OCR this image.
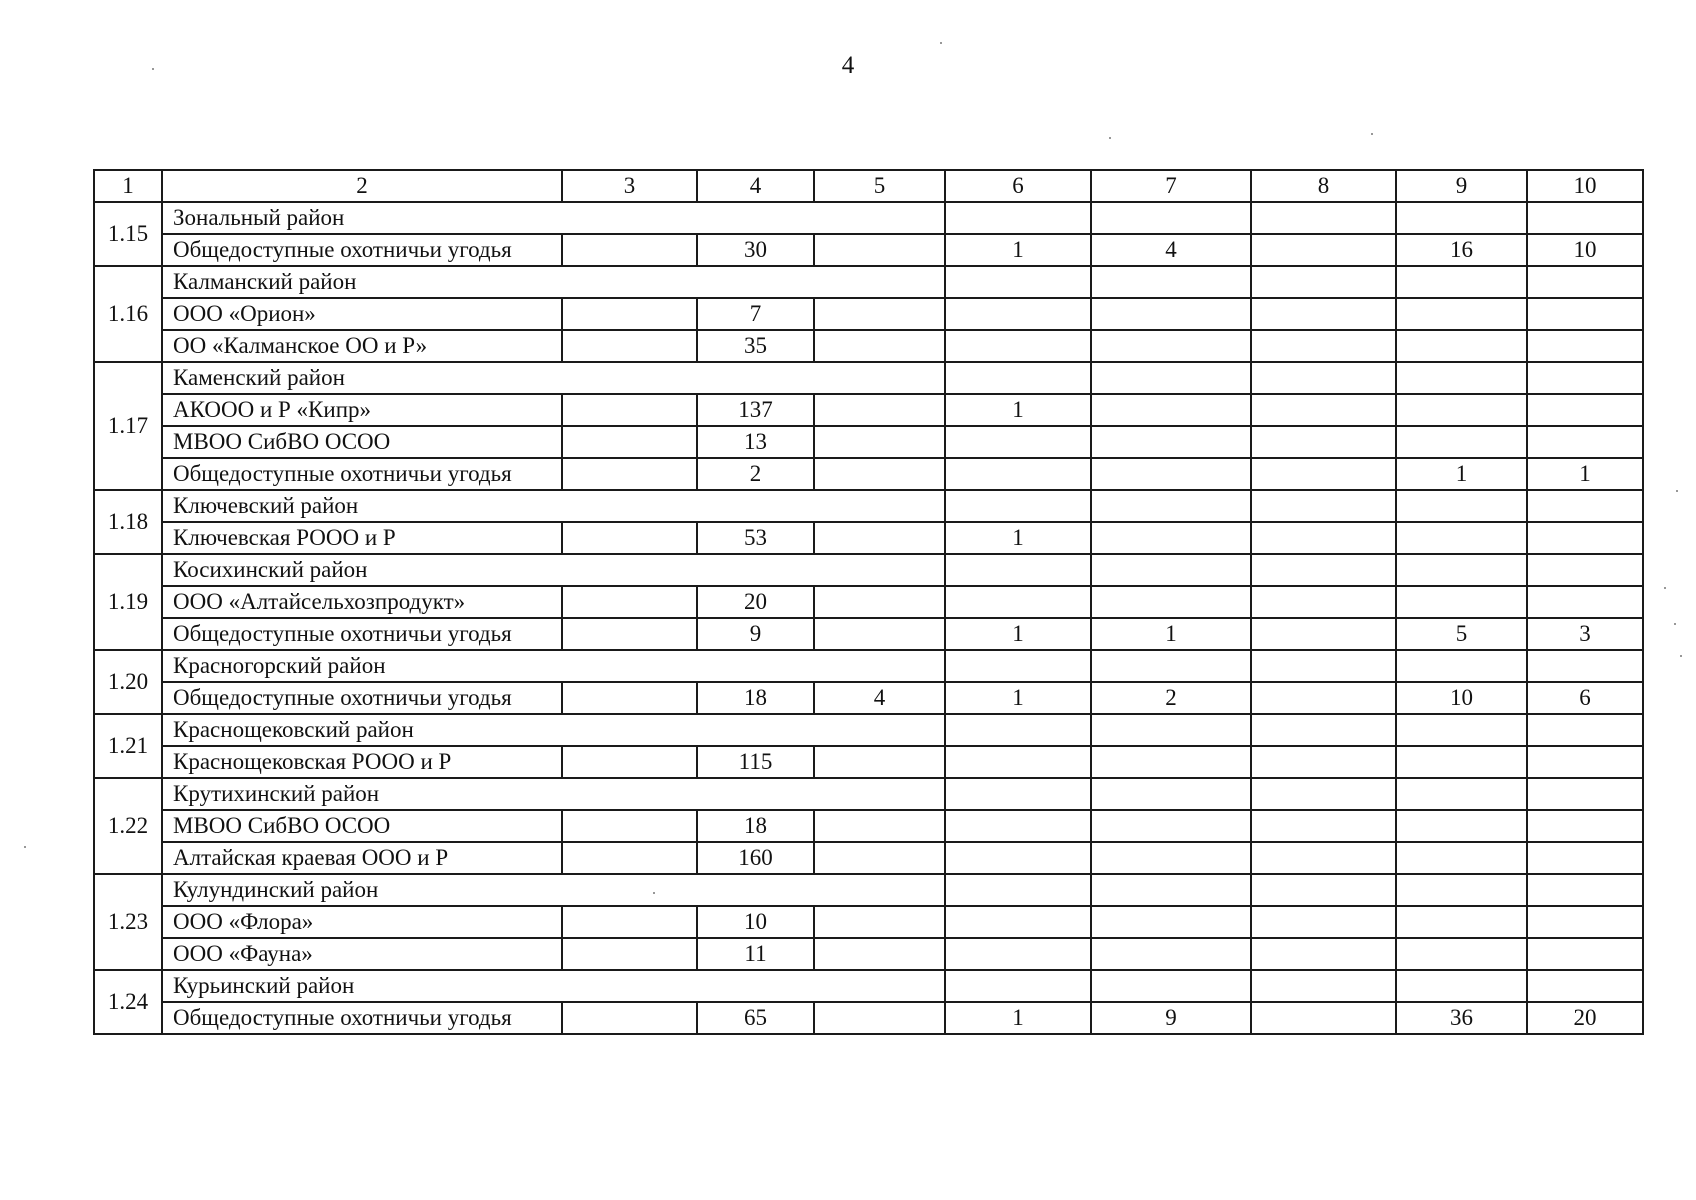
4
1	2	3	4	5	6	7	8	9	10
1.15	Зональный район								
	Общедоступные охотничьи угодья		30		1	4		16	10
1.16	Калманский район								
	ООО «Орион»		7						
	ОО «Калманское ОО и Р»		35						
1.17	Каменский район								
	АКООО и Р «Кипр»		137		1				
	МВОО СибВО ОСОО		13						
	Общедоступные охотничьи угодья		2					1	1
1.18	Ключевский район								
	Ключевская РООО и Р		53		1				
1.19	Косихинский район								
	ООО «Алтайсельхозпродукт»		20						
	Общедоступные охотничьи угодья		9		1	1		5	3
1.20	Красногорский район								
	Общедоступные охотничьи угодья		18	4	1	2		10	6
1.21	Краснощековский район								
	Краснощековская РООО и Р		115						
1.22	Крутихинский район								
	МВОО СибВО ОСОО		18						
	Алтайская краевая ООО и Р		160						
1.23	Кулундинский район								
	ООО «Флора»		10						
	ООО «Фауна»		11						
1.24	Курьинский район								
	Общедоступные охотничьи угодья		65		1	9		36	20
